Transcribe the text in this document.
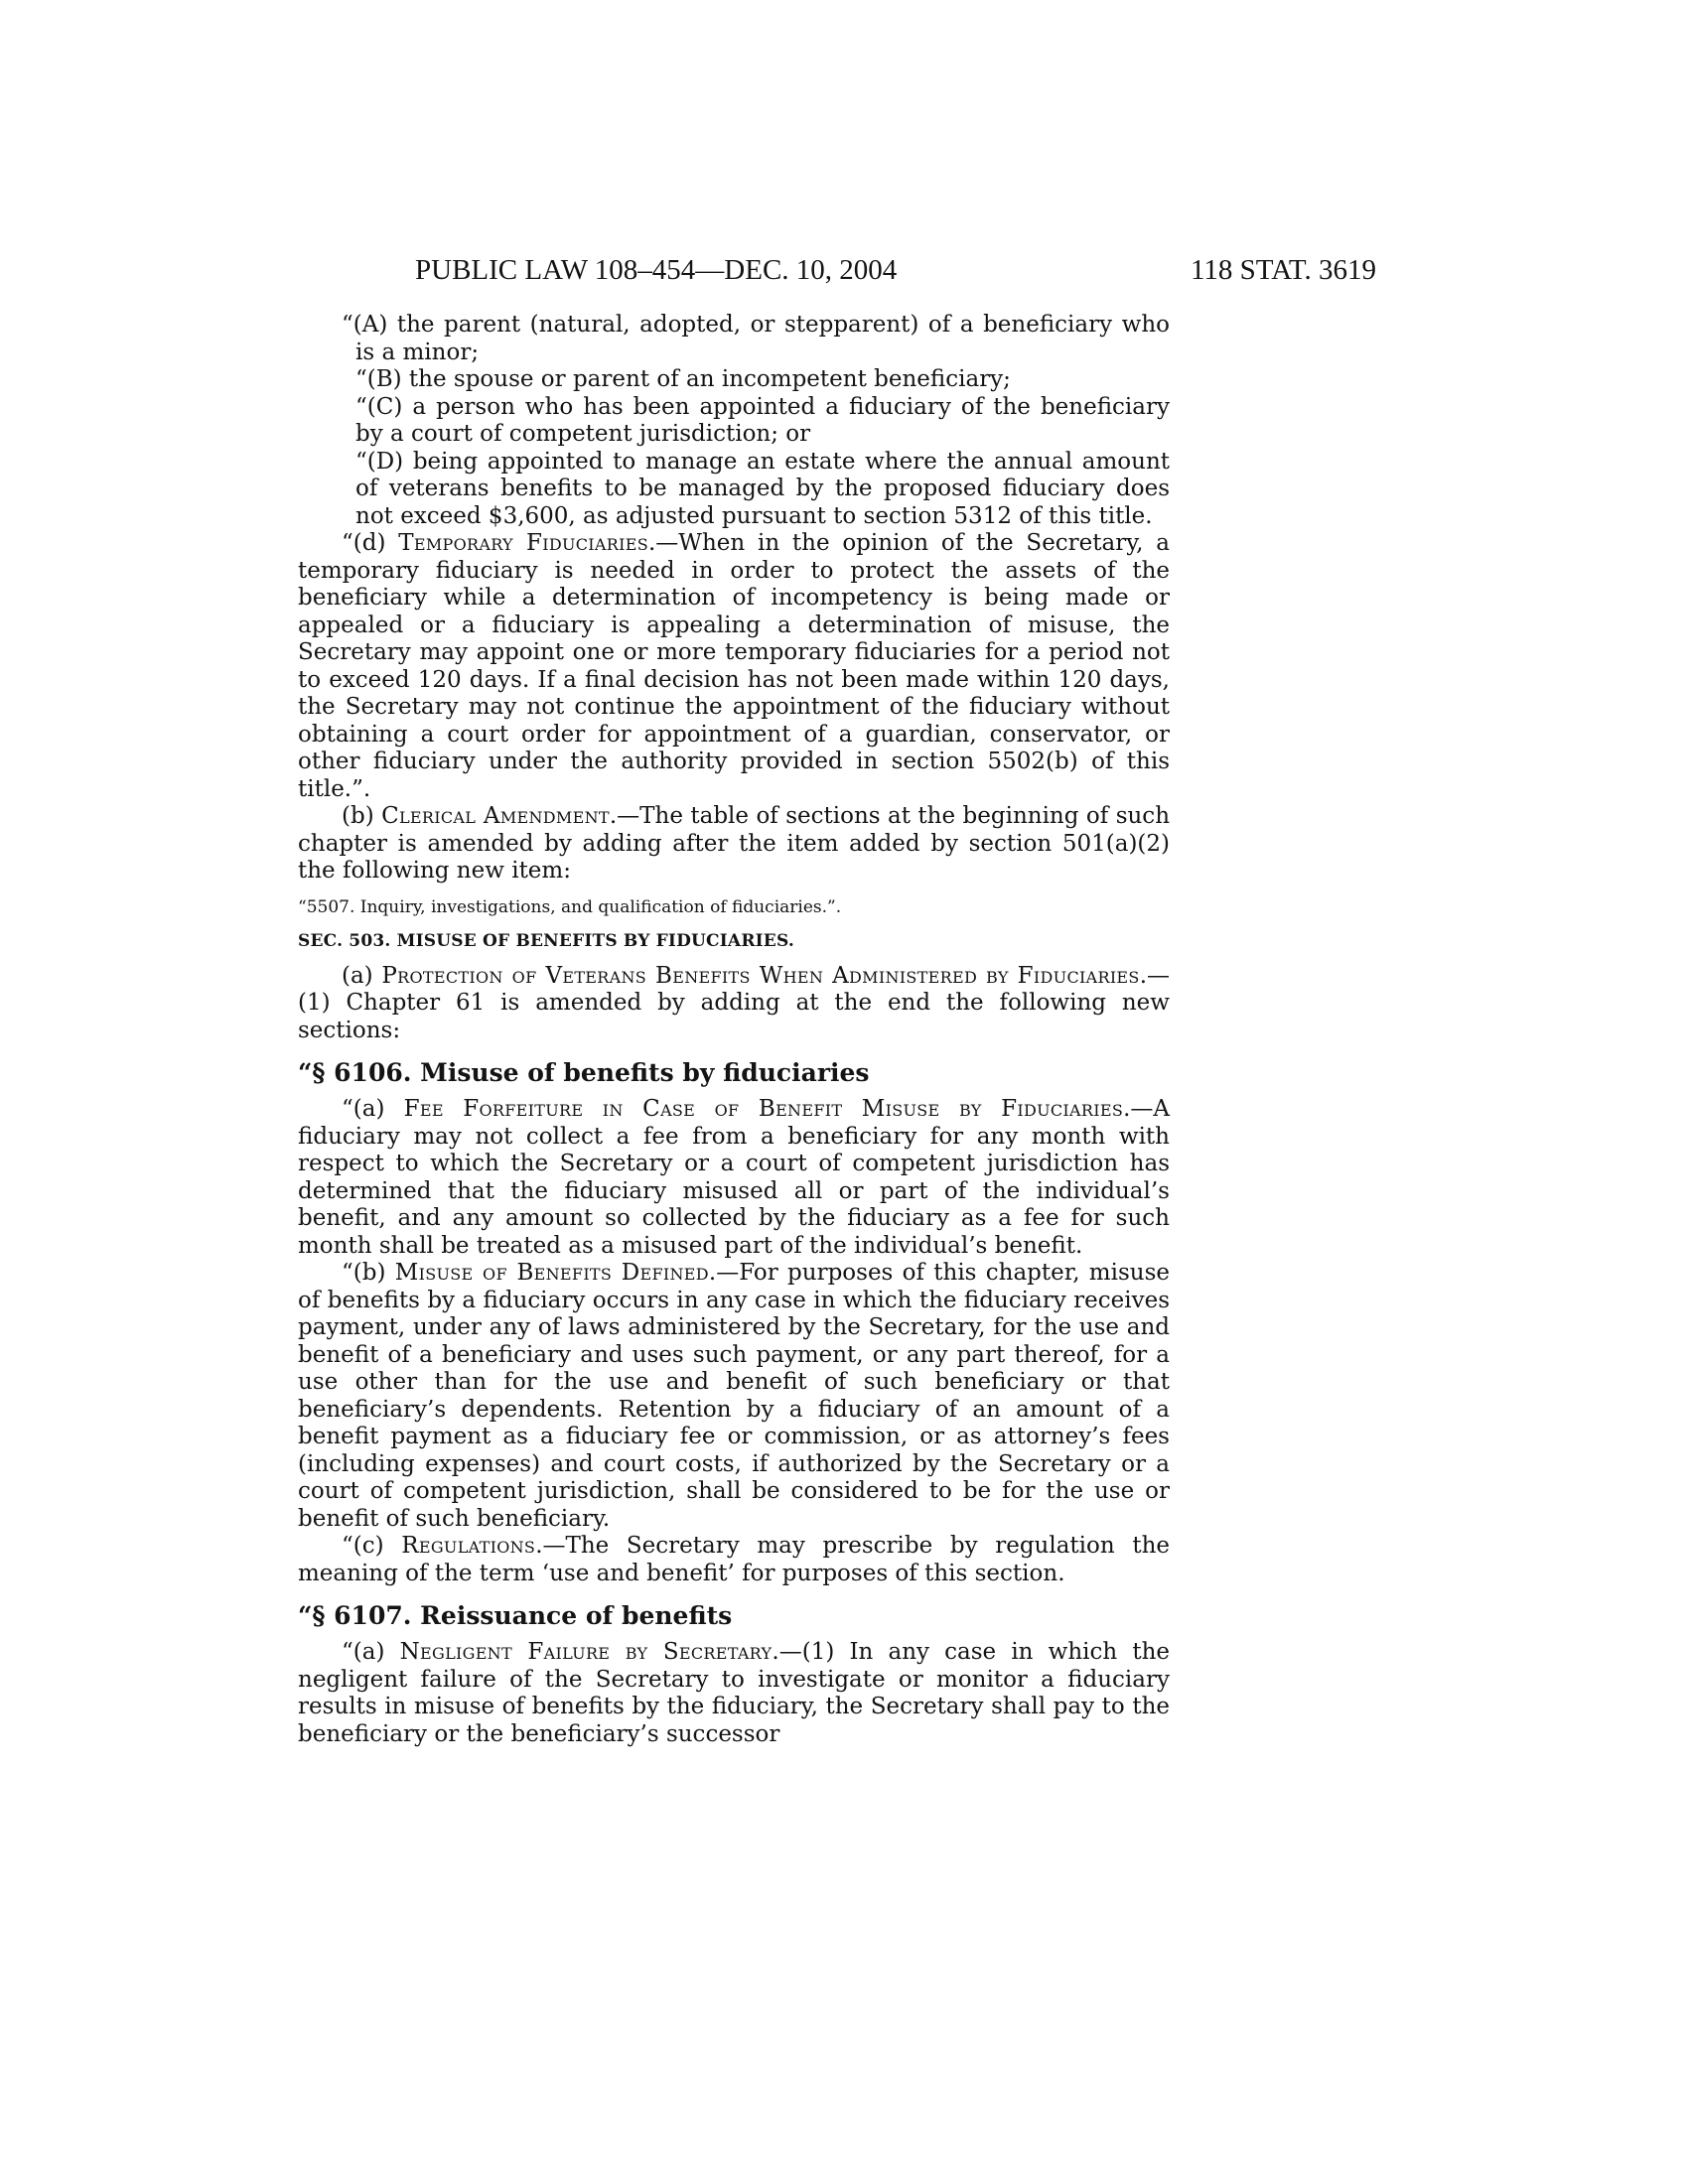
PUBLIC LAW 108–454—DEC. 10, 2004	118 STAT. 3619

“(A) the parent (natural, adopted, or stepparent) of a beneficiary who is a minor;

“(B) the spouse or parent of an incompetent beneficiary;

“(C) a person who has been appointed a fiduciary of the beneficiary by a court of competent jurisdiction; or

“(D) being appointed to manage an estate where the annual amount of veterans benefits to be managed by the proposed fiduciary does not exceed $3,600, as adjusted pursuant to section 5312 of this title.

“(d) Temporary Fiduciaries.—When in the opinion of the Secretary, a temporary fiduciary is needed in order to protect the assets of the beneficiary while a determination of incompetency is being made or appealed or a fiduciary is appealing a determination of misuse, the Secretary may appoint one or more temporary fiduciaries for a period not to exceed 120 days. If a final decision has not been made within 120 days, the Secretary may not continue the appointment of the fiduciary without obtaining a court order for appointment of a guardian, conservator, or other fiduciary under the authority provided in section 5502(b) of this title.”.

(b) Clerical Amendment.—The table of sections at the beginning of such chapter is amended by adding after the item added by section 501(a)(2) the following new item:

“5507. Inquiry, investigations, and qualification of fiduciaries.”.
SEC. 503. MISUSE OF BENEFITS BY FIDUCIARIES.

(a) Protection of Veterans Benefits When Administered by Fiduciaries.—(1) Chapter 61 is amended by adding at the end the following new sections:

“§ 6106. Misuse of benefits by fiduciaries

“(a) Fee Forfeiture in Case of Benefit Misuse by Fiduciaries.—A fiduciary may not collect a fee from a beneficiary for any month with respect to which the Secretary or a court of competent jurisdiction has determined that the fiduciary misused all or part of the individual’s benefit, and any amount so collected by the fiduciary as a fee for such month shall be treated as a misused part of the individual’s benefit.

“(b) Misuse of Benefits Defined.—For purposes of this chapter, misuse of benefits by a fiduciary occurs in any case in which the fiduciary receives payment, under any of laws administered by the Secretary, for the use and benefit of a beneficiary and uses such payment, or any part thereof, for a use other than for the use and benefit of such beneficiary or that beneficiary’s dependents. Retention by a fiduciary of an amount of a benefit payment as a fiduciary fee or commission, or as attorney’s fees (including expenses) and court costs, if authorized by the Secretary or a court of competent jurisdiction, shall be considered to be for the use or benefit of such beneficiary.

“(c) Regulations.—The Secretary may prescribe by regulation the meaning of the term ‘use and benefit’ for purposes of this section.

“§ 6107. Reissuance of benefits

“(a) Negligent Failure by Secretary.—(1) In any case in which the negligent failure of the Secretary to investigate or monitor a fiduciary results in misuse of benefits by the fiduciary, the Secretary shall pay to the beneficiary or the beneficiary’s successor
